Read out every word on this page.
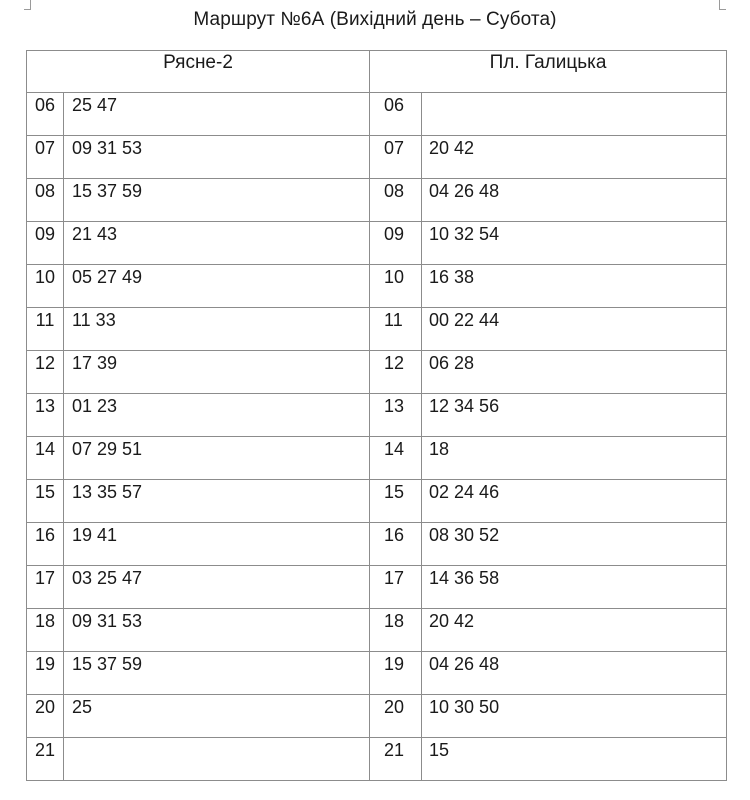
Маршрут №6А (Вихідний день – Субота)
Рясне-2		Пл. Галицька	
06	25 47	06	
07	09 31 53	07	20 42
08	15 37 59	08	04 26 48
09	21 43	09	10 32 54
10	05 27 49	10	16 38
11	11 33	11	00 22 44
12	17 39	12	06 28
13	01 23	13	12 34 56
14	07 29 51	14	18
15	13 35 57	15	02 24 46
16	19 41	16	08 30 52
17	03 25 47	17	14 36 58
18	09 31 53	18	20 42
19	15 37 59	19	04 26 48
20	25	20	10 30 50
21		21	15
